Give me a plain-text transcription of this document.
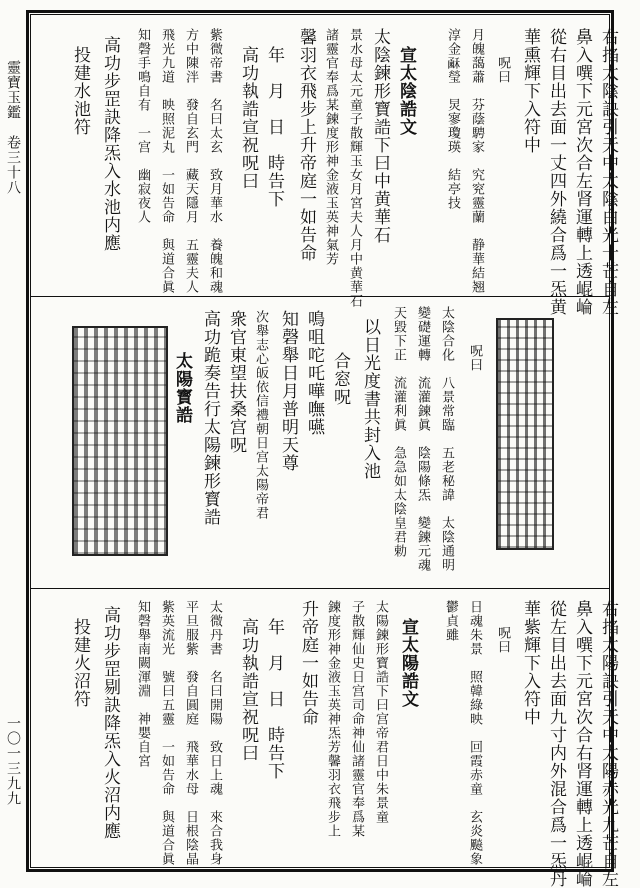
靈寶玉鑑　卷三十八
一〇一三九九
右掐太陰訣引天中太陰白光十芒自左
鼻入噀下元宮次合左肾運轉上透崐崘
從右目出去面一丈四外繞合爲一炁黄
華熏輝下入符中
呪曰
月魄藹蕭　芬蔭騁家　究䆓靈蘭　静華結翘
淳金𥡰瑩　炅寥瓊瑛　結亭技
宣太陰誥文
太陰鍊形寶誥下曰中黄華石
景水母太元童子散輝玉女月宮夫人月中黄華石
諸靈官奉爲某鍊度形神金液玉英神氣芳
馨羽衣飛步上升帝庭一如告命
年　月　日　時告下
高功執誥宣祝呪曰
紫微帝書　名曰太玄　致月華水　養魄和魂
方中陳泮　發自玄門　藏天隱月　五靈夫人
飛光九道　映照泥丸　一如告命　與道合眞
知磬手鳴自有　一宫　幽寂夜人
高功步罡訣降炁入水池内應
投建水池符
呪曰
太陰合化　八景常臨　五老秘諱　太陰通明
變礎運轉　流灌鍊眞　陰陽條炁　變鍊元魂
天毀下正　流灌利眞　急急如太陰皇君勅
以日光度書共封入池
合窓呪
鳴咀咜吒嘩嘸嚥
知磬舉日月普明天尊
次舉志心皈依信禮朝日宫太陽帝君
衆官東望扶桑宫呪
高功跪奏告行太陽鍊形寳誥
太陽寳誥
右掐太陽訣引天中太陽赤光九芒自左
鼻入噀下元宮次合右肾運轉上透崐崘
從左目出去面九寸内外混合爲一炁丹
華紫輝下入符中
呪曰
日魂朱景　照韓綠映　回霞赤童　玄炎飈象
鬱貞雖
宣太陽誥文
太陽鍊形寶誥下曰宫帝君日中朱景童
子散輝仙史日宫司命神仙諸靈官奉爲某
鍊度形神金液玉英神炁芳馨羽衣飛步上
升帝庭一如告命
年　月　日　時告下
高功執誥宣祝呪曰
太微丹書　名曰開陽　致日上魂　來合我身
平旦服紫　發自圓庭　飛華水母　日根陰晶
紫英流光　號曰五靈　一如告命　與道合眞
知磬舉南闕渾淵　神嬰自宮
高功步罡剔訣降炁入火沼内應
投建火沼符
